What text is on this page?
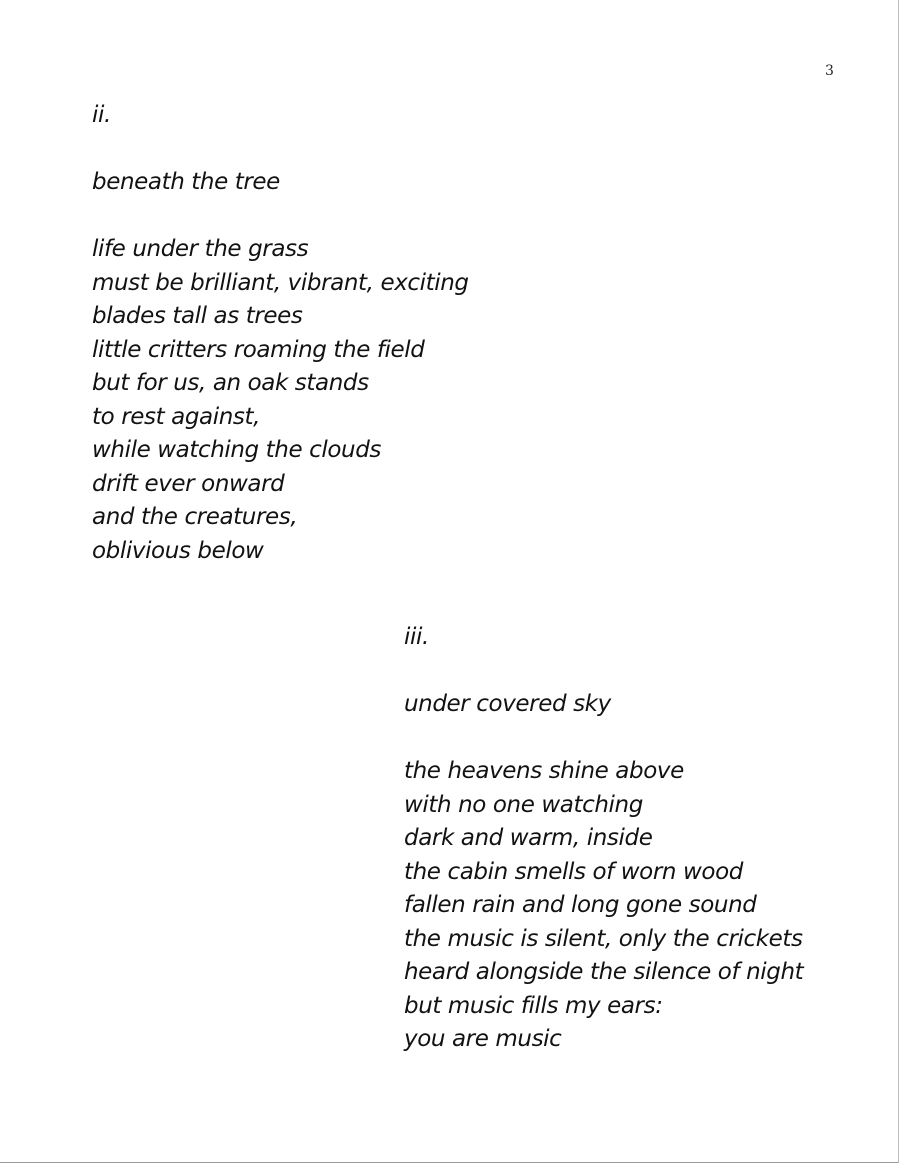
3
ii.
beneath the tree
life under the grass
must be brilliant, vibrant, exciting
blades tall as trees
little critters roaming the field
but for us, an oak stands
to rest against,
while watching the clouds
drift ever onward
and the creatures,
oblivious below
iii.
under covered sky
the heavens shine above
with no one watching
dark and warm, inside
the cabin smells of worn wood
fallen rain and long gone sound
the music is silent, only the crickets
heard alongside the silence of night
but music fills my ears:
you are music
